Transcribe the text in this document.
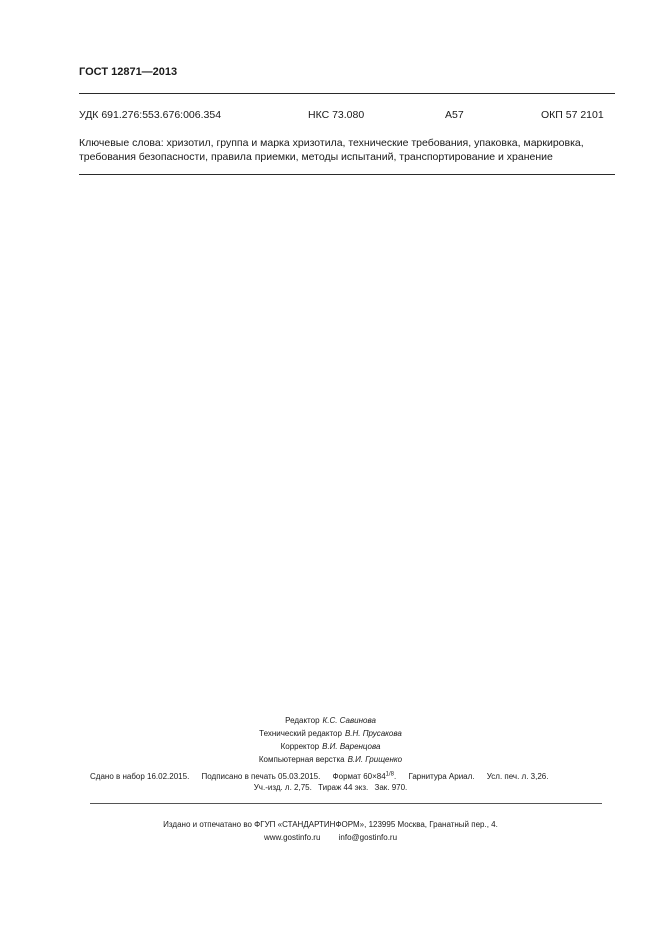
ГОСТ 12871—2013
УДК 691.276:553.676:006.354	НКС 73.080	А57	ОКП 57 2101
Ключевые слова: хризотил, группа и марка хризотила, технические требования, упаковка, маркировка,
требования безопасности, правила приемки, методы испытаний, транспортирование и хранение
Редактор К.С. Савинова
Технический редактор В.Н. Прусакова
Корректор В.И. Варенцова
Компьютерная верстка В.И. Грищенко
Сдано в набор 16.02.2015. Подписано в печать 05.03.2015. Формат $60\times 84^{1/8}$. Гарнитура Ариал. Усл. печ. л. 3,26.
Уч.-изд. л. 2,75. Тираж 44 экз. Зак. 970.
Издано и отпечатано во ФГУП «СТАНДАРТИНФОРМ», 123995 Москва, Гранатный пер., 4.
www.gostinfo.ru info@gostinfo.ru
